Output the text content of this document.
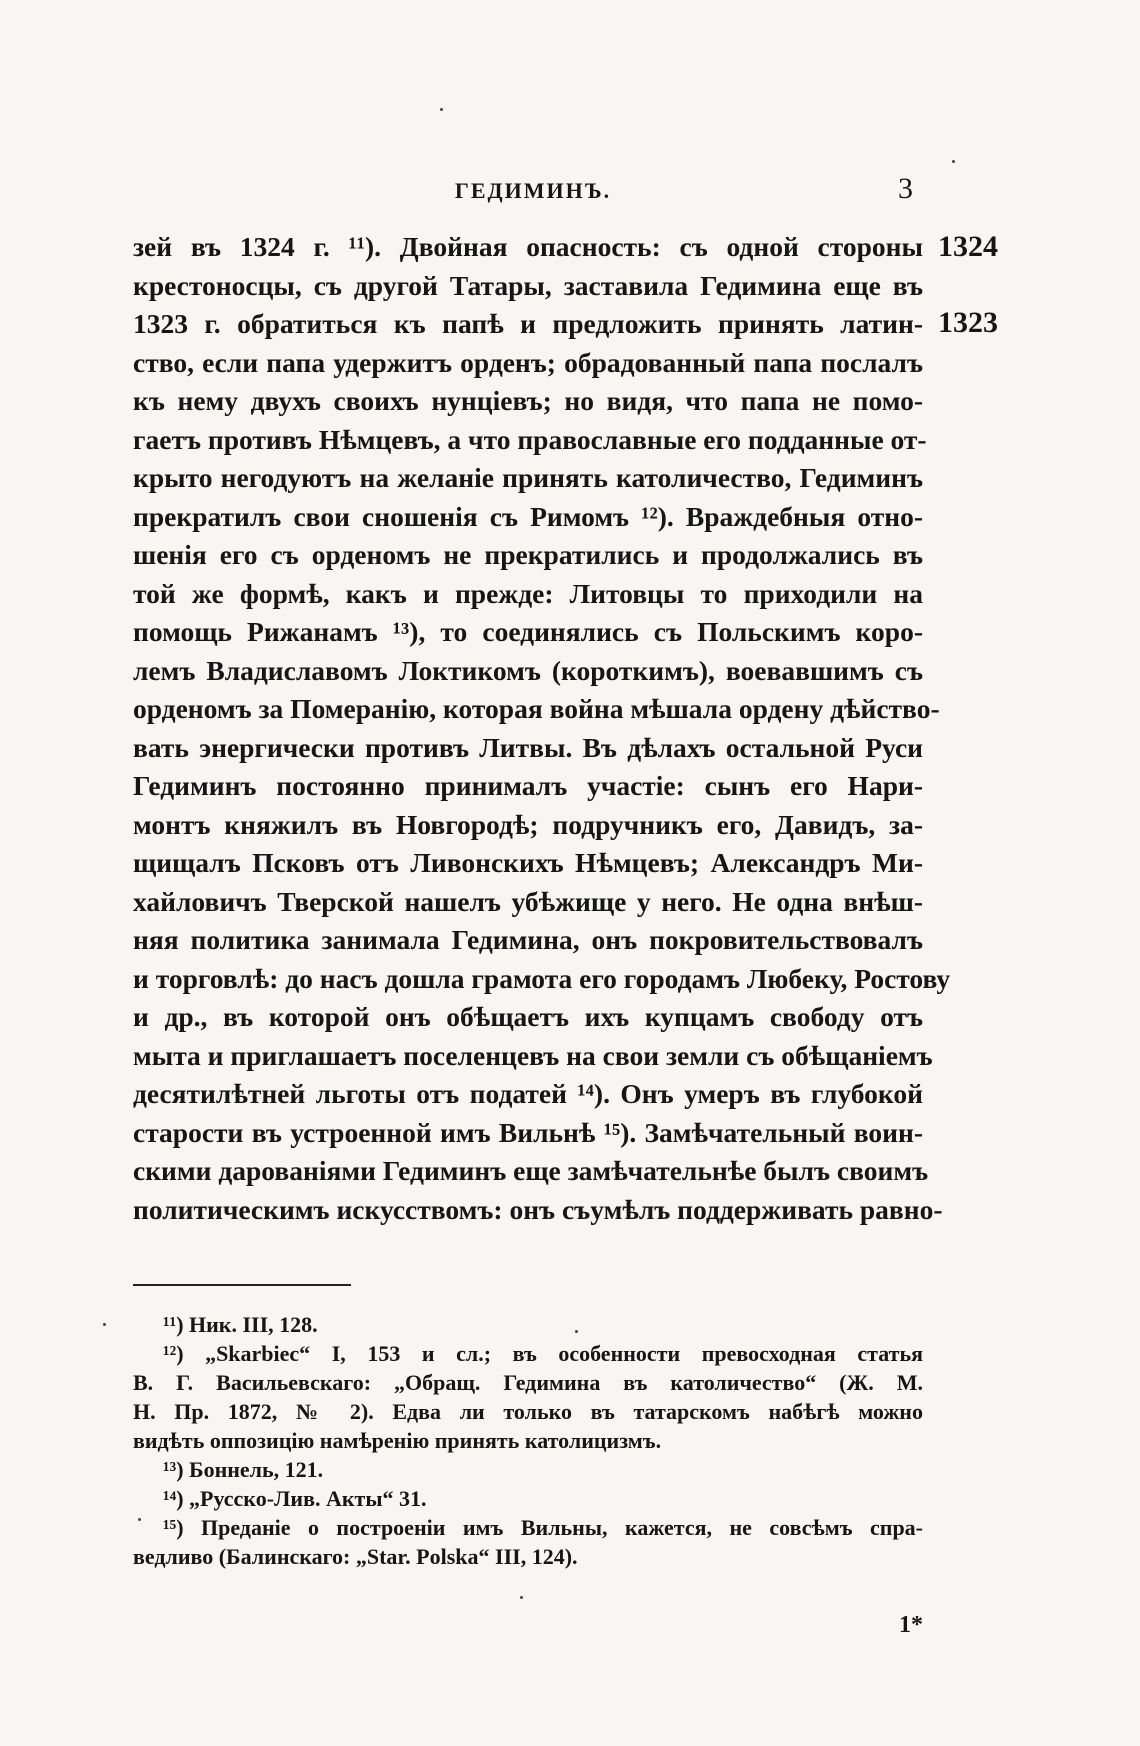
ГЕДИМИНЪ.	3
1324
1323
зей въ 1324 г. ¹¹). Двойная опасность: съ одной стороны
крестоносцы, съ другой Татары, заставила Гедимина еще въ
1323 г. обратиться къ папѣ и предложить принять латин-
ство, если папа удержитъ орденъ; обрадованный папа послалъ
къ нему двухъ своихъ нунціевъ; но видя, что папа не помо-
гаетъ противъ Нѣмцевъ, а что православные его подданные от-
крыто негодуютъ на желаніе принять католичество, Гедиминъ
прекратилъ свои сношенія съ Римомъ ¹²). Враждебныя отно-
шенія его съ орденомъ не прекратились и продолжались въ
той же формѣ, какъ и прежде: Литовцы то приходили на
помощь Рижанамъ ¹³), то соединялись съ Польскимъ коро-
лемъ Владиславомъ Локтикомъ (короткимъ), воевавшимъ съ
орденомъ за Померанію, которая война мѣшала ордену дѣйство-
вать энергически противъ Литвы. Въ дѣлахъ остальной Руси
Гедиминъ постоянно принималъ участіе: сынъ его Нари-
монтъ княжилъ въ Новгородѣ; подручникъ его, Давидъ, за-
щищалъ Псковъ отъ Ливонскихъ Нѣмцевъ; Александръ Ми-
хайловичъ Тверской нашелъ убѣжище у него. Не одна внѣш-
няя политика занимала Гедимина, онъ покровительствовалъ
и торговлѣ: до насъ дошла грамота его городамъ Любеку, Ростову
и др., въ которой онъ обѣщаетъ ихъ купцамъ свободу отъ
мыта и приглашаетъ поселенцевъ на свои земли съ обѣщаніемъ
десятилѣтней льготы отъ податей ¹⁴). Онъ умеръ въ глубокой
старости въ устроенной имъ Вильнѣ ¹⁵). Замѣчательный воин-
скими дарованіями Гедиминъ еще замѣчательнѣе былъ своимъ
политическимъ искусствомъ: онъ съумѣлъ поддерживать равно-
¹¹) Ник. III, 128.
¹²) „Skarbiec“ I, 153 и сл.; въ особенности превосходная статья
В. Г. Васильевскаго: „Обращ. Гедимина въ католичество“ (Ж. М.
Н. Пр. 1872, № 2). Едва ли только въ татарскомъ набѣгѣ можно
видѣть оппозицію намѣренію принять католицизмъ.
¹³) Боннель, 121.
¹⁴) „Русско-Лив. Акты“ 31.
¹⁵) Преданіе о построеніи имъ Вильны, кажется, не совсѣмъ спра-
ведливо (Балинскаго: „Star. Polska“ III, 124).
1*
